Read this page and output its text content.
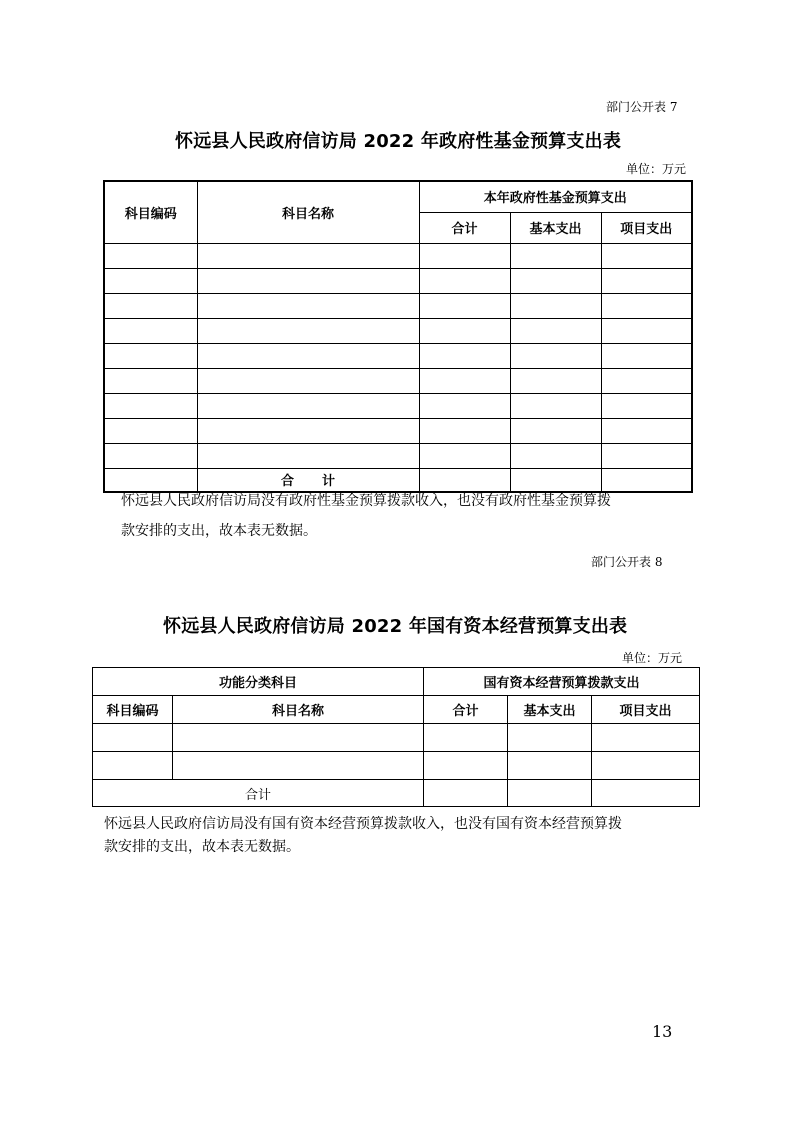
部门公开表 7
怀远县人民政府信访局 2022 年政府性基金预算支出表
单位：万元
科目编码	科目名称	本年政府性基金预算支出		
		合计	基本支出	项目支出

	合计			
怀远县人民政府信访局没有政府性基金预算拨款收入，也没有政府性基金预算拨
款安排的支出，故本表无数据。
部门公开表 8
怀远县人民政府信访局 2022 年国有资本经营预算支出表
单位：万元
功能分类科目		国有资本经营预算拨款支出		
科目编码	科目名称	合计	基本支出	项目支出

合计				
怀远县人民政府信访局没有国有资本经营预算拨款收入，也没有国有资本经营预算拨
款安排的支出，故本表无数据。
13
